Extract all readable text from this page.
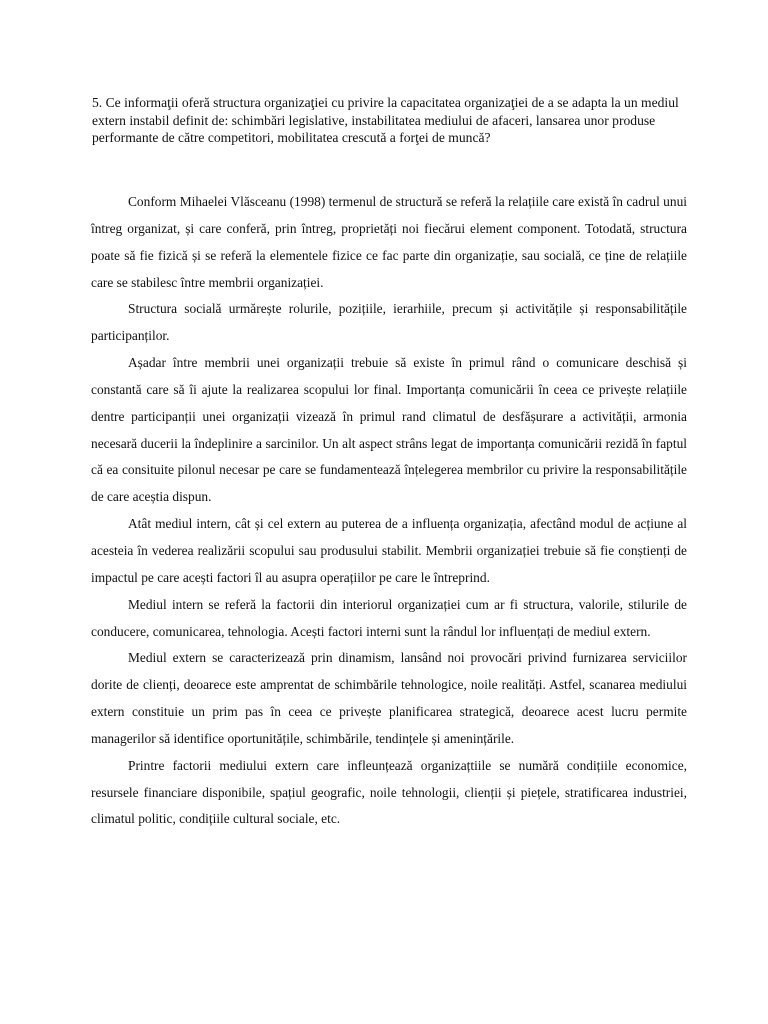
5. Ce informaţii oferă structura organizaţiei cu privire la capacitatea organizaţiei de a se adapta la un mediul extern instabil definit de: schimbări legislative, instabilitatea mediului de afaceri, lansarea unor produse performante de către competitori, mobilitatea crescută a forţei de muncă?

Conform Mihaelei Vlăsceanu (1998) termenul de structură se referă la relațiile care există în cadrul unui întreg organizat, și care conferă, prin întreg, proprietăți noi fiecărui element component. Totodată, structura poate să fie fizică și se referă la elementele fizice ce fac parte din organizație, sau socială, ce ține de relațiile care se stabilesc între membrii organizației.

Structura socială urmărește rolurile, pozițiile, ierarhiile, precum și activitățile și responsabilitățile participanților.

Așadar între membrii unei organizații trebuie să existe în primul rând o comunicare deschisă și constantă care să îi ajute la realizarea scopului lor final. Importanța comunicării în ceea ce privește relațiile dentre participanții unei organizații vizează în primul rand climatul de desfășurare a activității, armonia necesară ducerii la îndeplinire a sarcinilor. Un alt aspect strâns legat de importanța comunicării rezidă în faptul că ea consituite pilonul necesar pe care se fundamentează înțelegerea membrilor cu privire la responsabilitățile de care aceștia dispun.

Atât mediul intern, cât și cel extern au puterea de a influența organizația, afectând modul de acțiune al acesteia în vederea realizării scopului sau produsului stabilit. Membrii organizației trebuie să fie conștienți de impactul pe care acești factori îl au asupra operațiilor pe care le întreprind.

Mediul intern se referă la factorii din interiorul organizației cum ar fi structura, valorile, stilurile de conducere, comunicarea, tehnologia. Acești factori interni sunt la rândul lor influențați de mediul extern.

Mediul extern se caracterizează prin dinamism, lansând noi provocări privind furnizarea serviciilor dorite de clienți, deoarece este amprentat de schimbările tehnologice, noile realități. Astfel, scanarea mediului extern constituie un prim pas în ceea ce privește planificarea strategică, deoarece acest lucru permite managerilor să identifice oportunitățile, schimbările, tendințele și amenințările.

Printre factorii mediului extern care infleunțează organizațtiile se numără condițiile economice, resursele financiare disponibile, spațiul geografic, noile tehnologii, clienții și piețele, stratificarea industriei, climatul politic, condițiile cultural sociale, etc.
